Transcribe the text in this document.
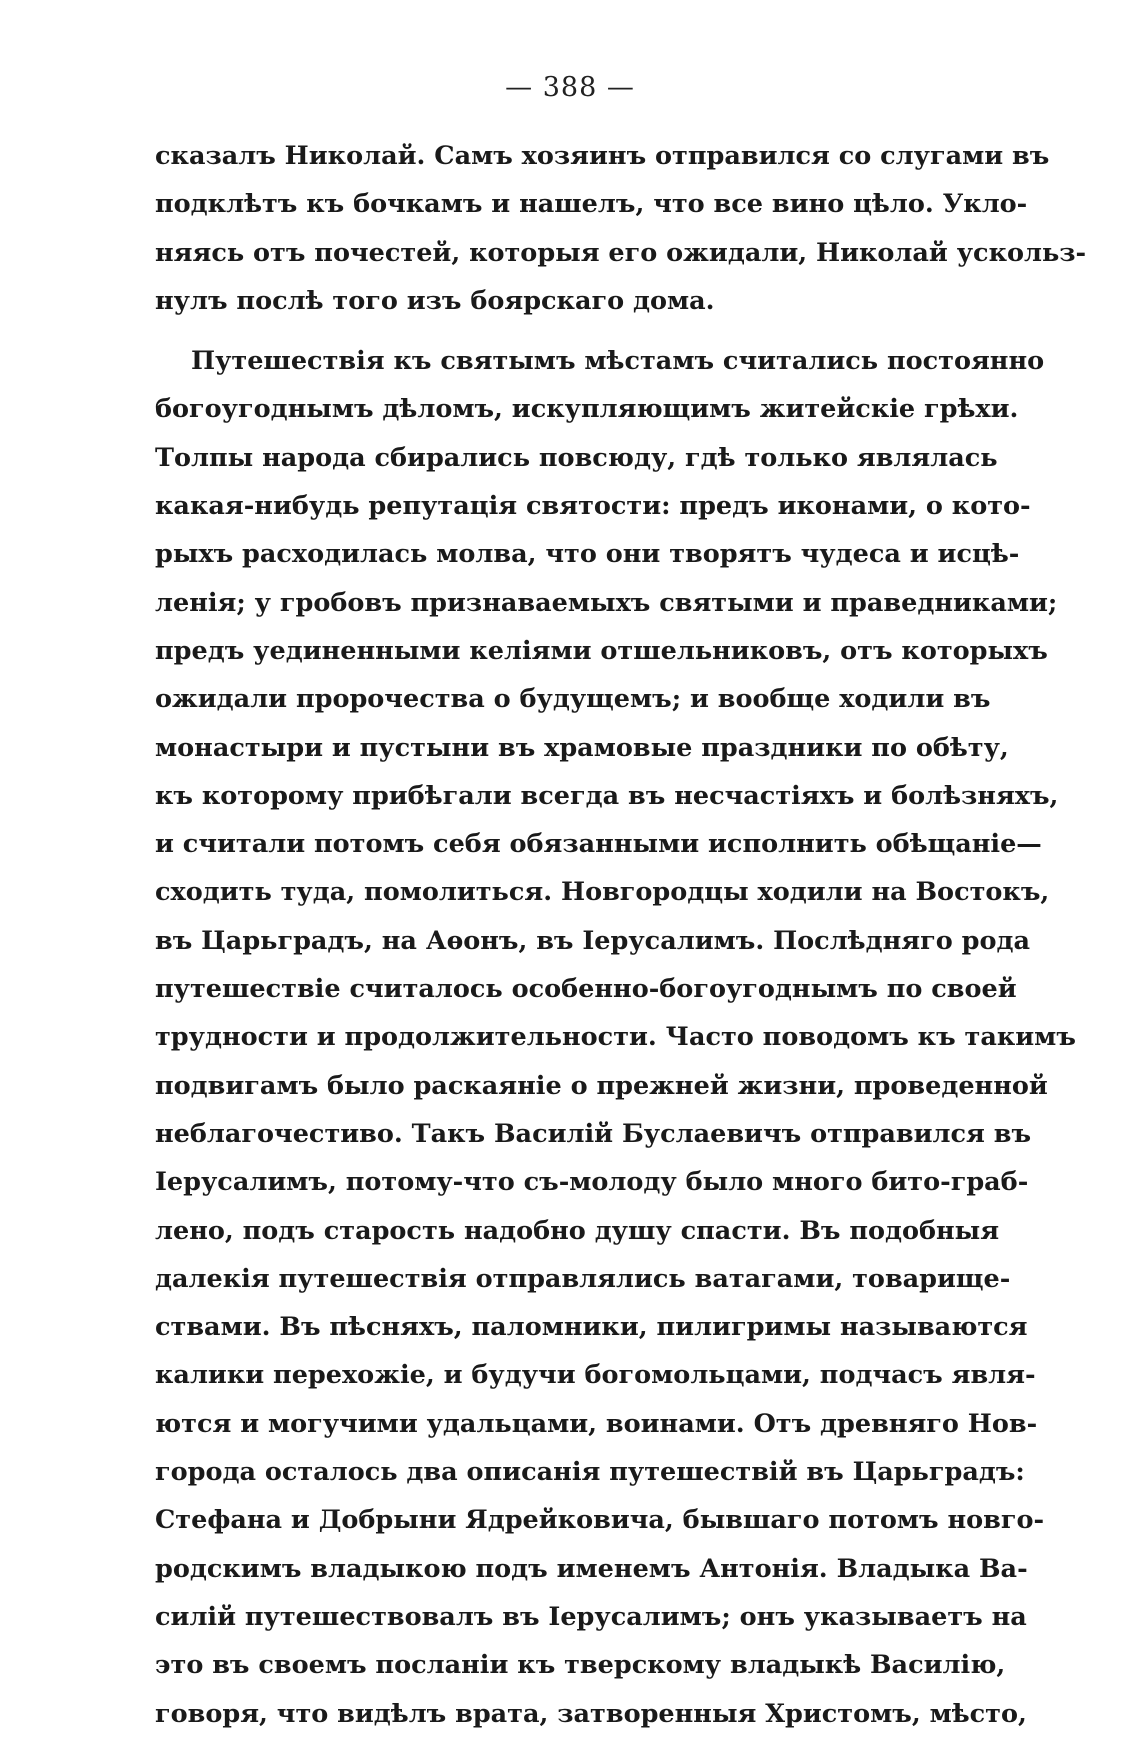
— 388 —
сказалъ Николай. Самъ хозяинъ отправился со слугами въ
подклѣтъ къ бочкамъ и нашелъ, что все вино цѣло. Укло-
няясь отъ почестей, которыя его ожидали, Николай ускольз-
нулъ послѣ того изъ боярскаго дома.
Путешествія къ святымъ мѣстамъ считались постоянно
богоугоднымъ дѣломъ, искупляющимъ житейскіе грѣхи.
Толпы народа сбирались повсюду, гдѣ только являлась
какая-нибудь репутація святости: предъ иконами, о кото-
рыхъ расходилась молва, что они творятъ чудеса и исцѣ-
ленія; у гробовъ признаваемыхъ святыми и праведниками;
предъ уединенными келіями отшельниковъ, отъ которыхъ
ожидали пророчества о будущемъ; и вообще ходили въ
монастыри и пустыни въ храмовые праздники по обѣту,
къ которому прибѣгали всегда въ несчастіяхъ и болѣзняхъ,
и считали потомъ себя обязанными исполнить обѣщаніе—
сходить туда, помолиться. Новгородцы ходили на Востокъ,
въ Царьградъ, на Аѳонъ, въ Іерусалимъ. Послѣдняго рода
путешествіе считалось особенно-богоугоднымъ по своей
трудности и продолжительности. Часто поводомъ къ такимъ
подвигамъ было раскаяніе о прежней жизни, проведенной
неблагочестиво. Такъ Василій Буслаевичъ отправился въ
Іерусалимъ, потому-что съ-молоду было много бито-граб-
лено, подъ старость надобно душу спасти. Въ подобныя
далекія путешествія отправлялись ватагами, товарище-
ствами. Въ пѣсняхъ, паломники, пилигримы называются
калики перехожіе, и будучи богомольцами, подчасъ явля-
ются и могучими удальцами, воинами. Отъ древняго Нов-
города осталось два описанія путешествій въ Царьградъ:
Стефана и Добрыни Ядрейковича, бывшаго потомъ новго-
родскимъ владыкою подъ именемъ Антонія. Владыка Ва-
силій путешествовалъ въ Іерусалимъ; онъ указываетъ на
это въ своемъ посланіи къ тверскому владыкѣ Василію,
говоря, что видѣлъ врата, затворенныя Христомъ, мѣсто,
